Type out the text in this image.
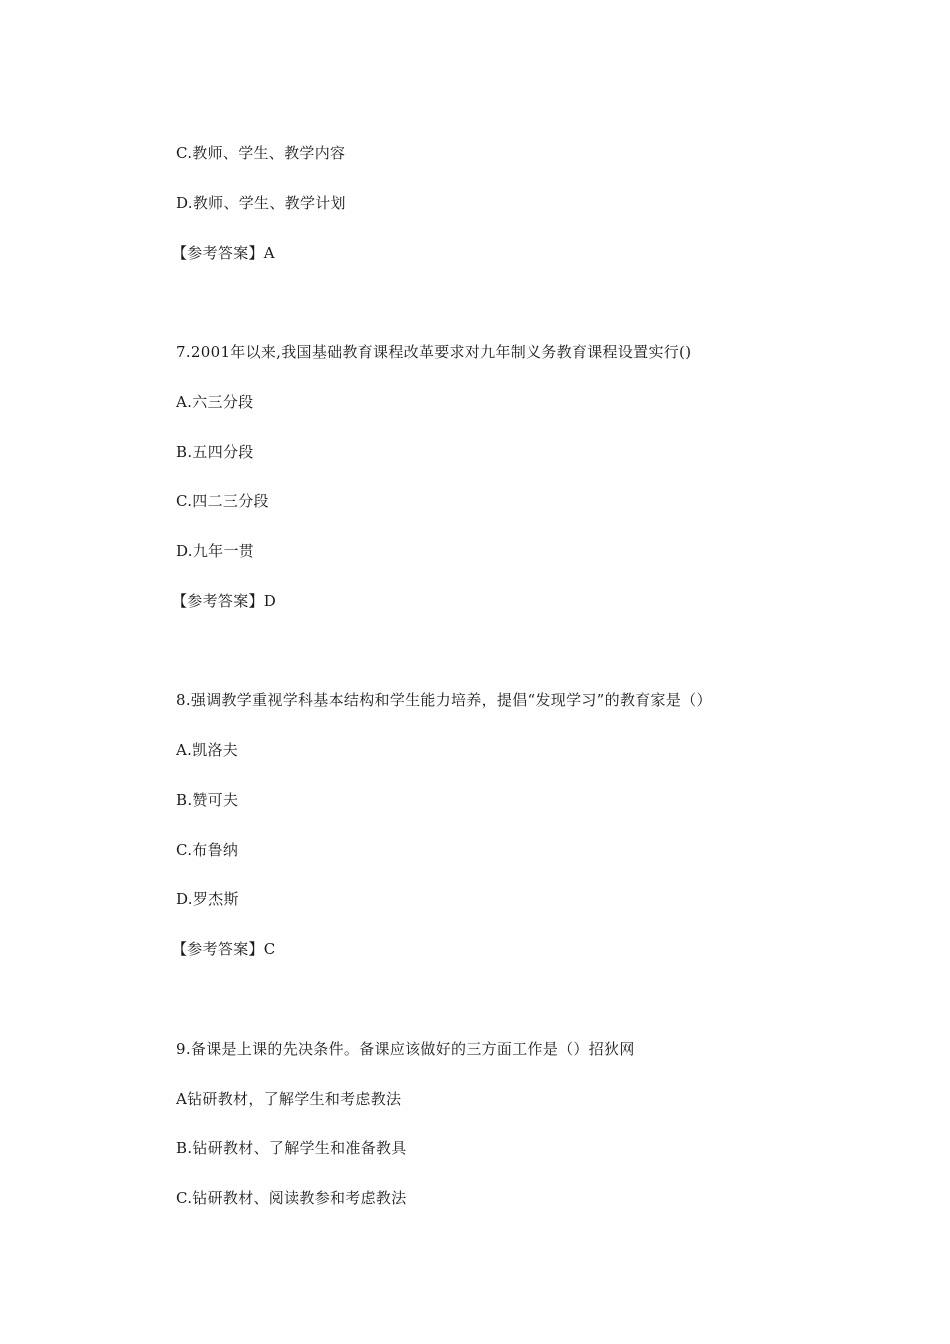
C.教师、学生、教学内容
D.教师、学生、教学计划
【参考答案】A
7.2001年以来,我国基础教育课程改革要求对九年制义务教育课程设置实行()
A.六三分段
B.五四分段
C.四二三分段
D.九年一贯
【参考答案】D
8.强调教学重视学科基本结构和学生能力培养，提倡“发现学习”的教育家是（）
A.凯洛夫
B.赞可夫
C.布鲁纳
D.罗杰斯
【参考答案】C
9.备课是上课的先决条件。备课应该做好的三方面工作是（）招狄网
A钻研教材，了解学生和考虑教法
B.钻研教材、了解学生和准备教具
C.钻研教材、阅读教参和考虑教法
